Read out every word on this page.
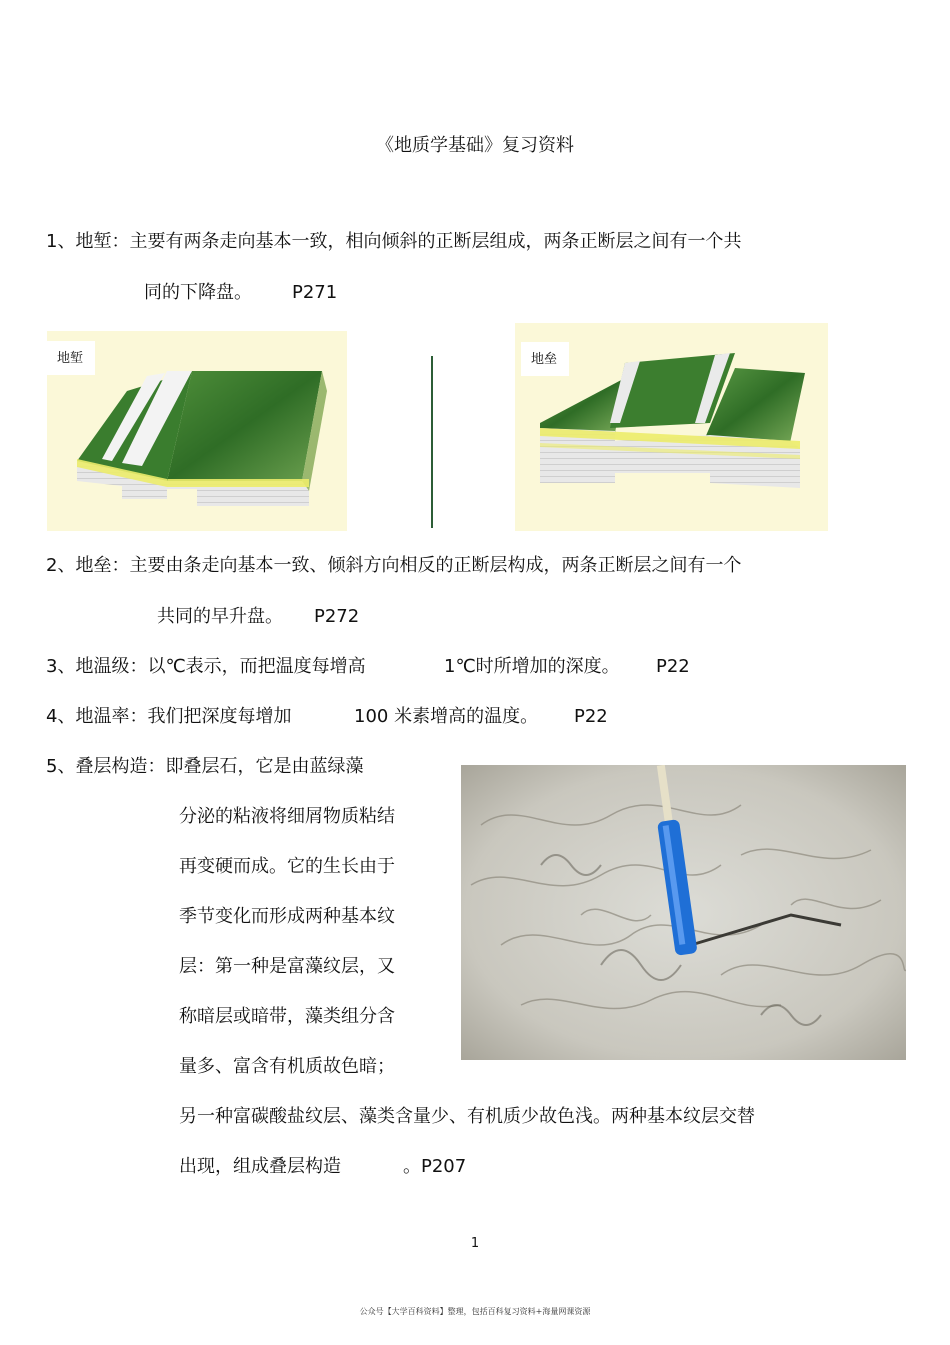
《地质学基础》复习资料
1、地堑：主要有两条走向基本一致，相向倾斜的正断层组成，两条正断层之间有一个共
同的下降盘。 P271
地堑	地垒
2、地垒：主要由条走向基本一致、倾斜方向相反的正断层构成，两条正断层之间有一个
共同的早升盘。 P272
3、地温级：以℃表示，而把温度每增高	1℃时所增加的深度。 P22
4、地温率：我们把深度每增加	100 米素增高的温度。 P22
5、叠层构造：即叠层石，它是由蓝绿藻
分泌的粘液将细屑物质粘结
再变硬而成。它的生长由于
季节变化而形成两种基本纹
层：第一种是富藻纹层，又
称暗层或暗带，藻类组分含
量多、富含有机质故色暗；
另一种富碳酸盐纹层、藻类含量少、有机质少故色浅。两种基本纹层交替
出现，组成叠层构造	。P207
1
公众号【大学百科资料】整理，包括百科复习资料+海量网课资源
